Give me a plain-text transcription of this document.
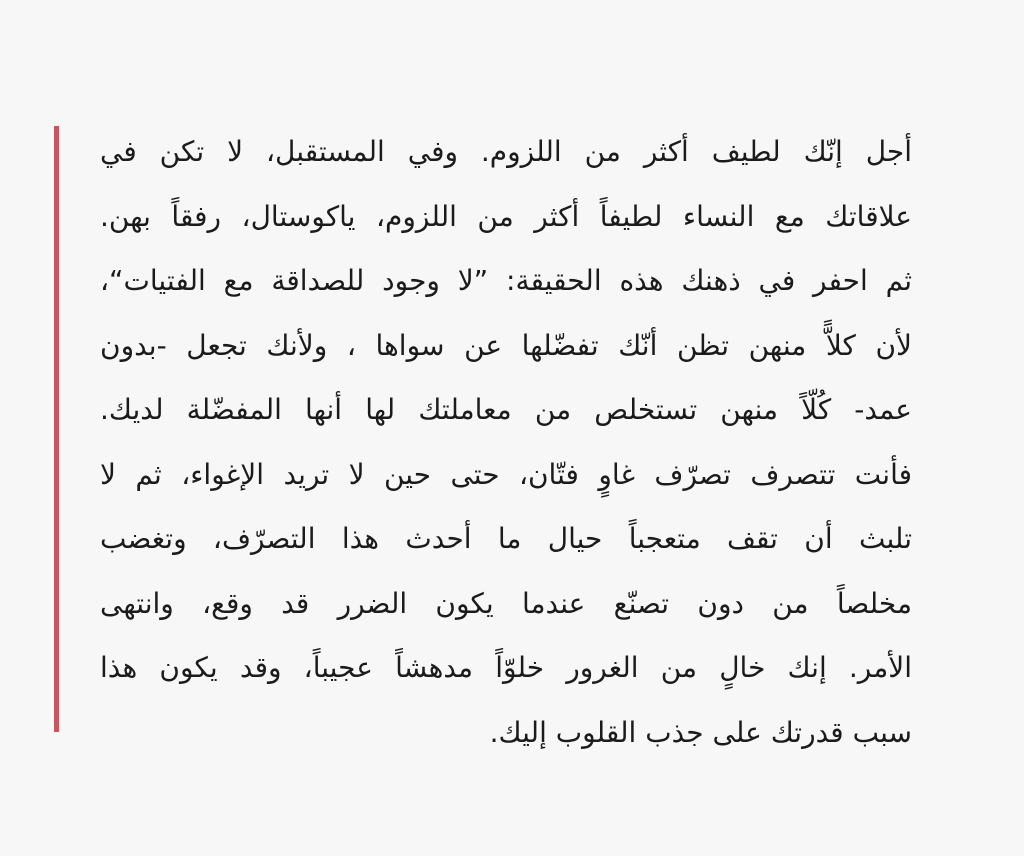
أجل إنّك لطيف أكثر من اللزوم. وفي المستقبل، لا تكن في
علاقاتك مع النساء لطيفاً أكثر من اللزوم، ياكوستال، رفقاً بهن.
ثم احفر في ذهنك هذه الحقيقة: ”لا وجود للصداقة مع الفتيات“،
لأن كلاًّ منهن تظن أنّك تفضّلها عن سواها ، ولأنك تجعل -بدون
عمد- كُلّاً منهن تستخلص من معاملتك لها أنها المفضّلة لديك.
فأنت تتصرف تصرّف غاوٍ فتّان، حتى حين لا تريد الإغواء، ثم لا
تلبث أن تقف متعجباً حيال ما أحدث هذا التصرّف، وتغضب
مخلصاً من دون تصنّع عندما يكون الضرر قد وقع، وانتهى
الأمر. إنك خالٍ من الغرور خلوّاً مدهشاً عجيباً، وقد يكون هذا
سبب قدرتك على جذب القلوب إليك.
